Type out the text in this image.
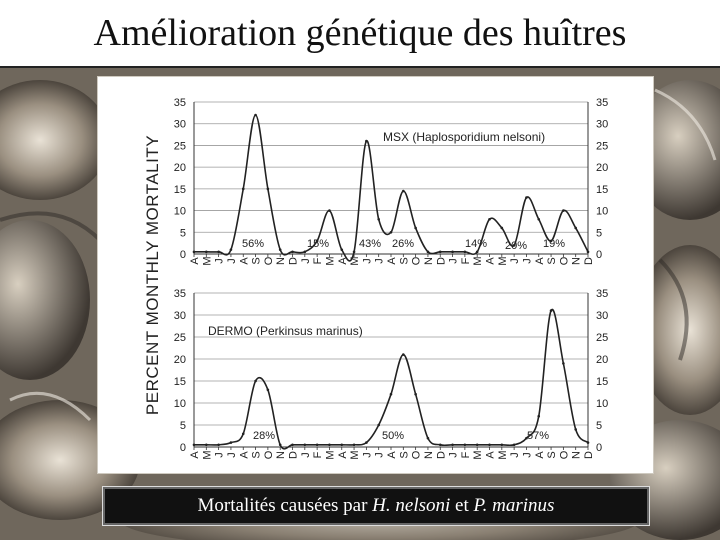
Amélioration génétique des huîtres
PERCENT MONTHLY MORTALITY 0	0
5	5
10	10
15	15
20	20
25	25
30	30
35	35
A M J J A S O N D J F M A M J J A S O N D J F M A M J J A S O N D
MSX (Haplosporidium nelsoni)
56%	15%	43% 26%	14% 20% 19%
0	0
5	5
10	10
15	15
20	20
25	25
30	30
35	35
A M J J A S O N D J F M A M J J A S O N D J F M A M J J A S O N D
DERMO (Perkinsus marinus)
28%	50%	57%
Mortalités causées par H. nelsoni et P. marinus
